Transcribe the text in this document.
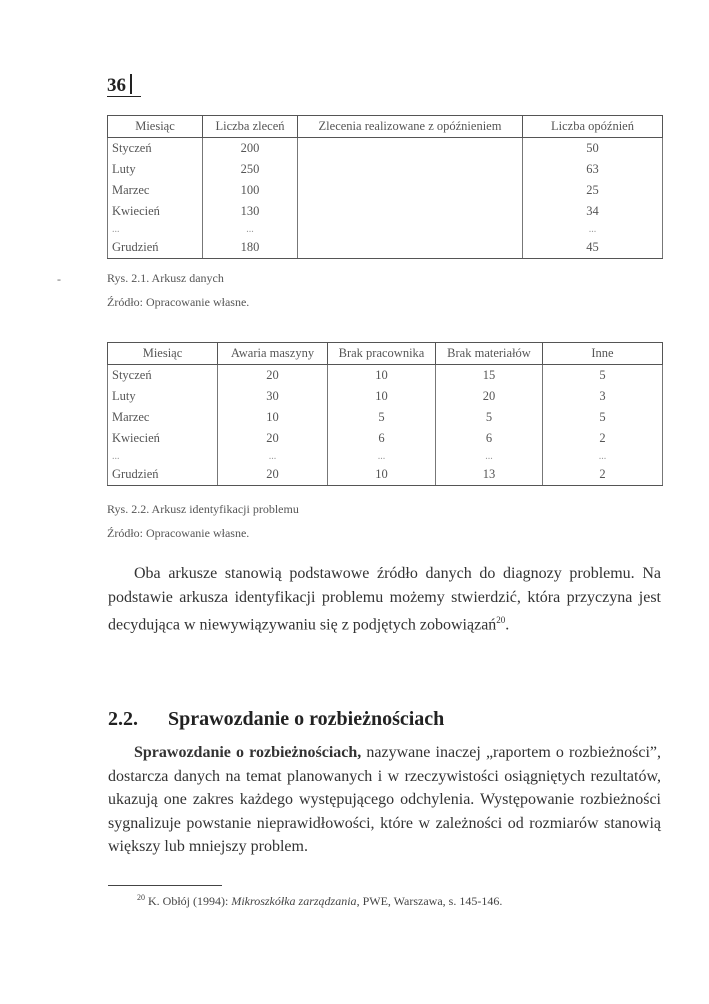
36
Miesiąc	Liczba zleceń	Zlecenia realizowane z opóźnieniem	Liczba opóźnień
Styczeń	200		50
Luty	250		63
Marzec	100		25
Kwiecień	130		34
...	...		...
Grudzień	180		45
-	Rys. 2.1. Arkusz danych
Źródło: Opracowanie własne.
Miesiąc	Awaria maszyny	Brak pracownika	Brak materiałów	Inne
Styczeń	20	10	15	5
Luty	30	10	20	3
Marzec	10	5	5	5
Kwiecień	20	6	6	2
...	...	...	...	...
Grudzień	20	10	13	2
Rys. 2.2. Arkusz identyfikacji problemu
Źródło: Opracowanie własne.

Oba arkusze stanowią podstawowe źródło danych do diagnozy problemu. Na podstawie arkusza identyfikacji problemu możemy stwierdzić, która przyczyna jest decydująca w niewywiązywaniu się z podjętych zobowiązań$^{20}$.

2.2. Sprawozdanie o rozbieżnościach

Sprawozdanie o rozbieżnościach, nazywane inaczej „raportem o rozbieżności”, dostarcza danych na temat planowanych i w rzeczywistości osiągniętych rezultatów, ukazują one zakres każdego występującego odchylenia. Występowanie rozbieżności sygnalizuje powstanie nieprawidłowości, które w zależności od rozmiarów stanowią większy lub mniejszy problem.

$^{20}$ K. Obłój (1994): Mikroszkółka zarządzania, PWE, Warszawa, s. 145-146.
